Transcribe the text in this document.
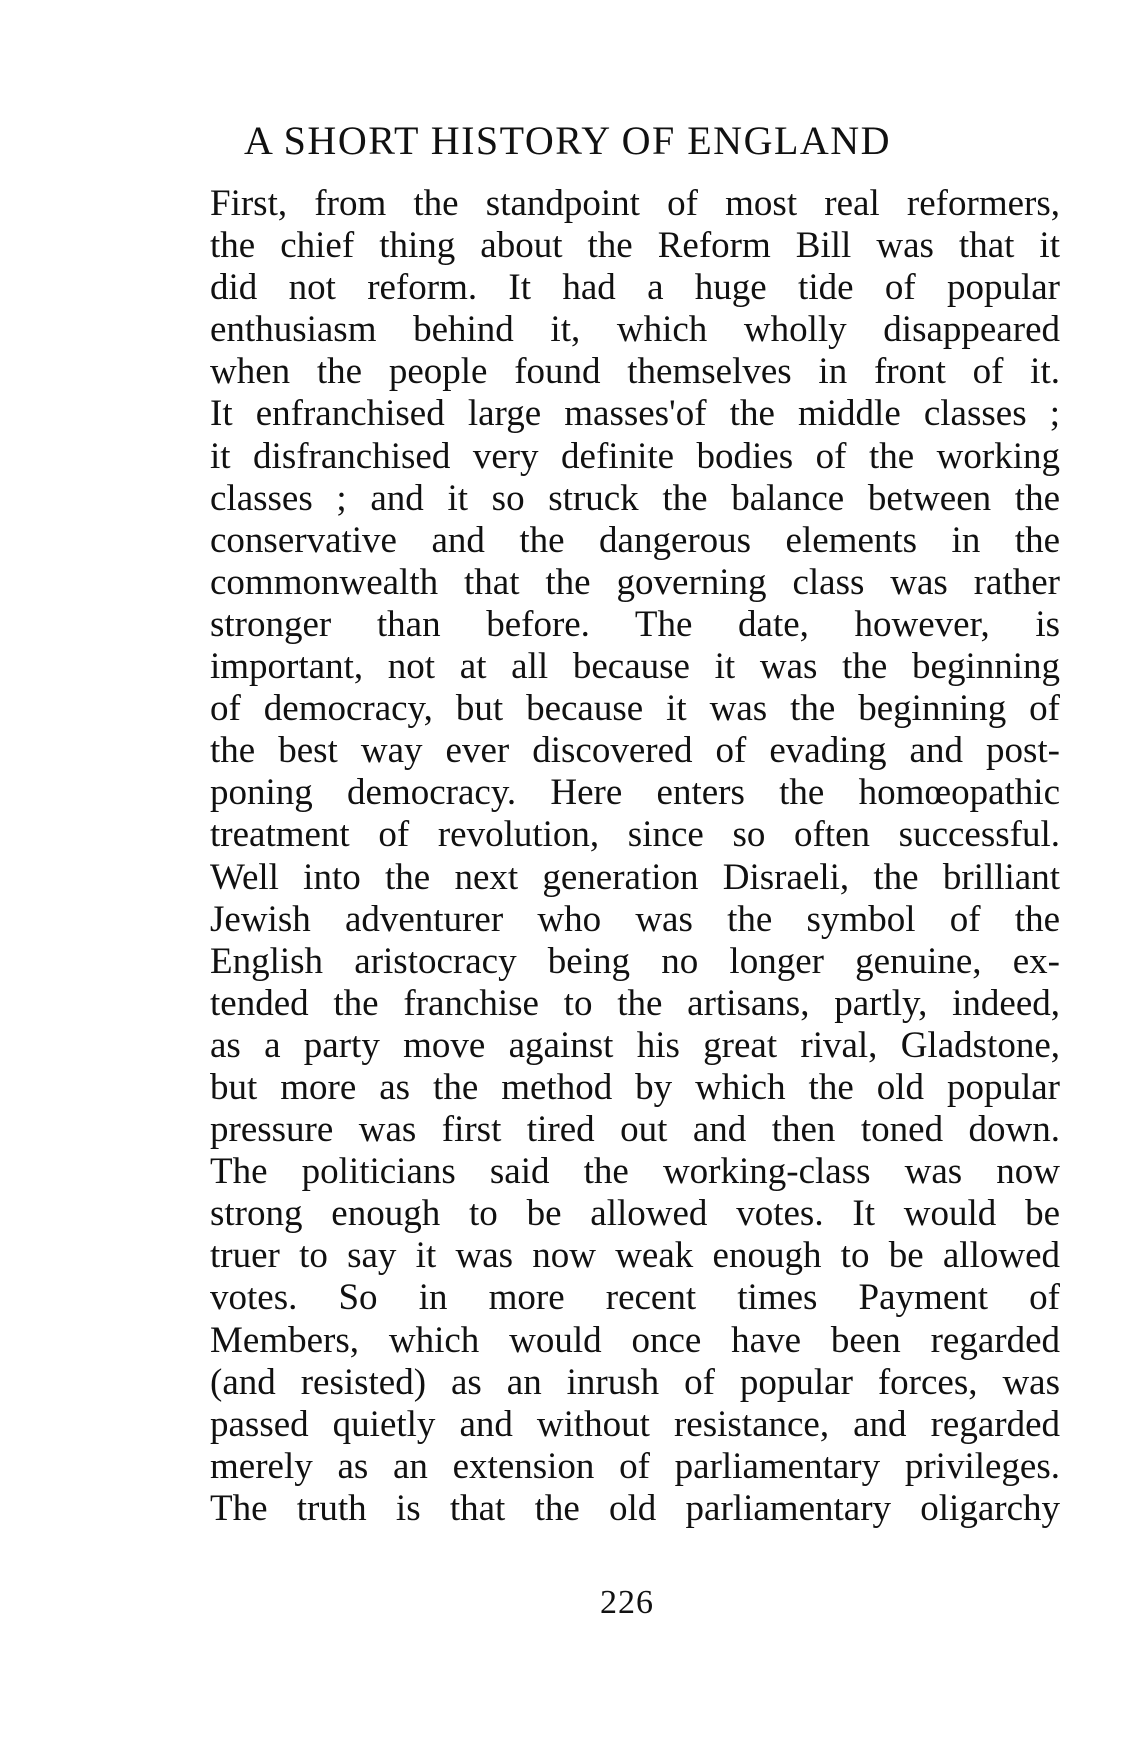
A SHORT HISTORY OF ENGLAND
First, from the standpoint of most real reformers,
the chief thing about the Reform Bill was that it
did not reform. It had a huge tide of popular
enthusiasm behind it, which wholly disappeared
when the people found themselves in front of it.
It enfranchised large masses'of the middle classes ;
it disfranchised very definite bodies of the working
classes ; and it so struck the balance between the
conservative and the dangerous elements in the
commonwealth that the governing class was rather
stronger than before. The date, however, is
important, not at all because it was the beginning
of democracy, but because it was the beginning of
the best way ever discovered of evading and post-
poning democracy. Here enters the homœopathic
treatment of revolution, since so often successful.
Well into the next generation Disraeli, the brilliant
Jewish adventurer who was the symbol of the
English aristocracy being no longer genuine, ex-
tended the franchise to the artisans, partly, indeed,
as a party move against his great rival, Gladstone,
but more as the method by which the old popular
pressure was first tired out and then toned down.
The politicians said the working-class was now
strong enough to be allowed votes. It would be
truer to say it was now weak enough to be allowed
votes. So in more recent times Payment of
Members, which would once have been regarded
(and resisted) as an inrush of popular forces, was
passed quietly and without resistance, and regarded
merely as an extension of parliamentary privileges.
The truth is that the old parliamentary oligarchy
226
